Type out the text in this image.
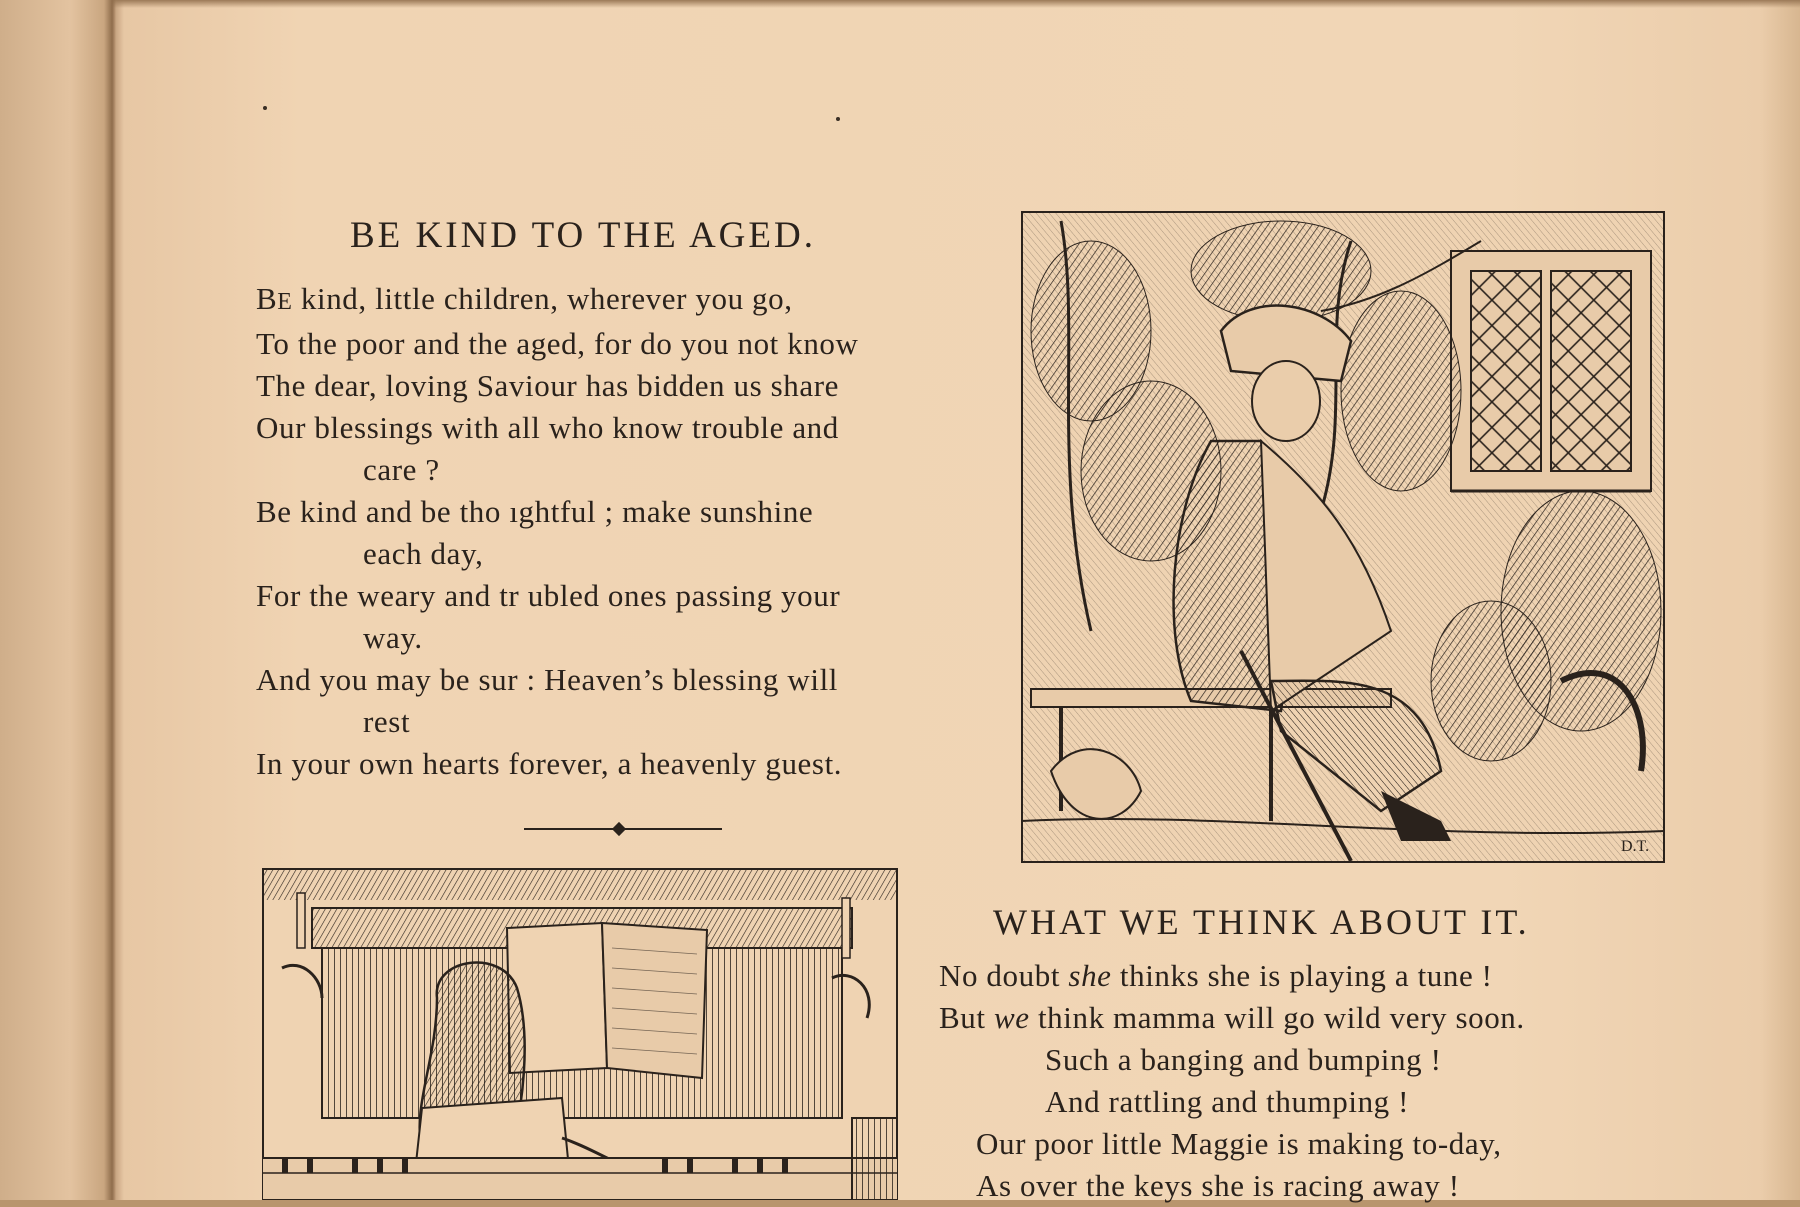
BE KIND TO THE AGED.
BE kind, little children, wherever you go,
To the poor and the aged, for do you not know
The dear, loving Saviour has bidden us share
Our blessings with all who know trouble and
care ?
Be kind and be tho ıghtful ; make sunshine
each day,
For the weary and tr ubled ones passing your
way.
And you may be sur : Heaven’s blessing will
rest
In your own hearts forever, a heavenly guest.
D.T.
WHAT WE THINK ABOUT IT.
No doubt she thinks she is playing a tune !
But we think mamma will go wild very soon.
Such a banging and bumping !
And rattling and thumping !
Our poor little Maggie is making to-day,
As over the keys she is racing away !
